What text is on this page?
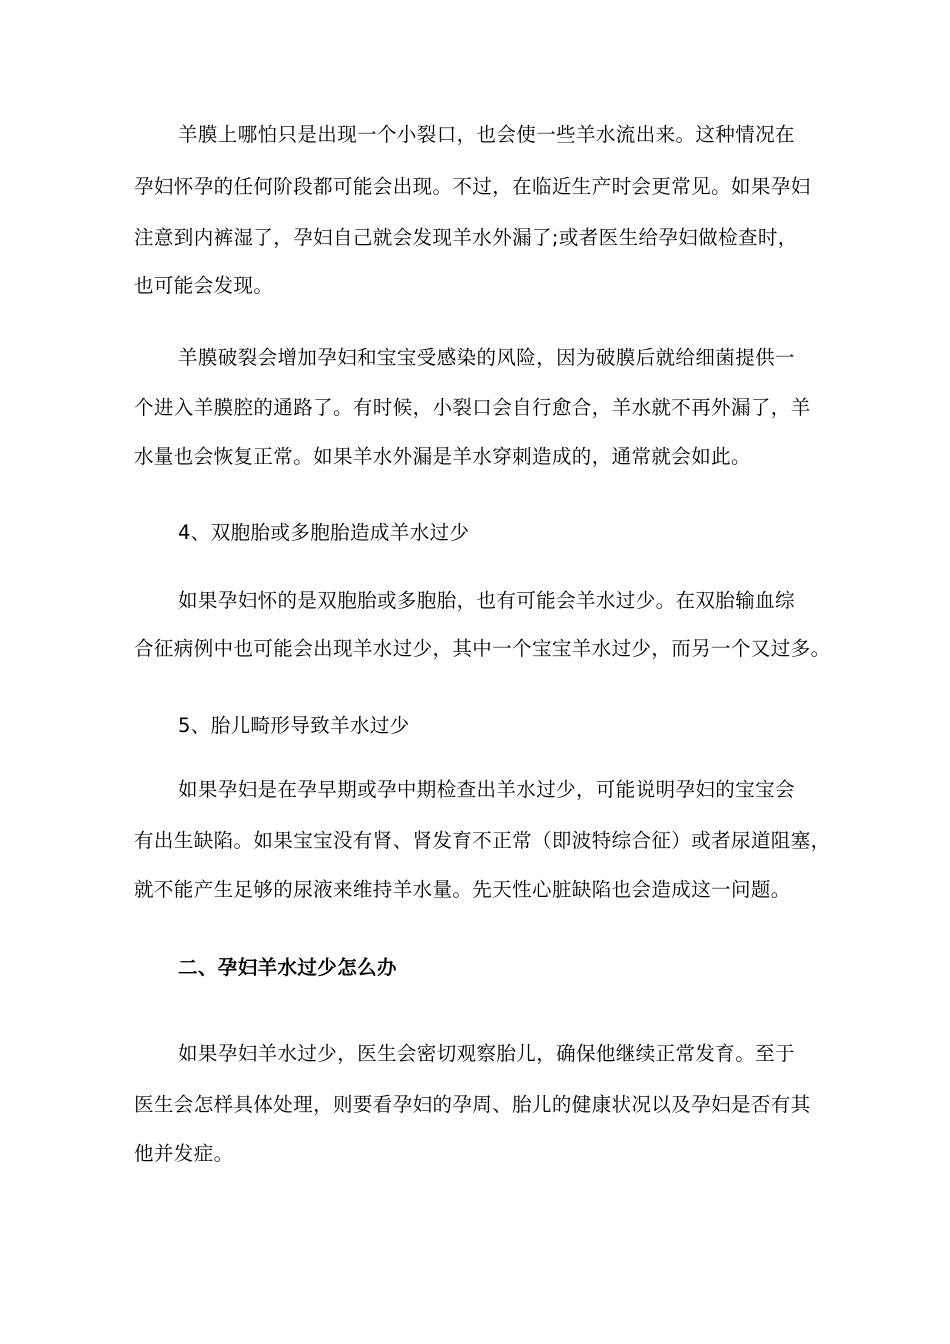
羊膜上哪怕只是出现一个小裂口，也会使一些羊水流出来。这种情况在
孕妇怀孕的任何阶段都可能会出现。不过，在临近生产时会更常见。如果孕妇
注意到内裤湿了，孕妇自己就会发现羊水外漏了;或者医生给孕妇做检查时，
也可能会发现。
羊膜破裂会增加孕妇和宝宝受感染的风险，因为破膜后就给细菌提供一
个进入羊膜腔的通路了。有时候，小裂口会自行愈合，羊水就不再外漏了，羊
水量也会恢复正常。如果羊水外漏是羊水穿刺造成的，通常就会如此。
4、双胞胎或多胞胎造成羊水过少
如果孕妇怀的是双胞胎或多胞胎，也有可能会羊水过少。在双胎输血综
合征病例中也可能会出现羊水过少，其中一个宝宝羊水过少，而另一个又过多。
5、胎儿畸形导致羊水过少
如果孕妇是在孕早期或孕中期检查出羊水过少，可能说明孕妇的宝宝会
有出生缺陷。如果宝宝没有肾、肾发育不正常（即波特综合征）或者尿道阻塞，
就不能产生足够的尿液来维持羊水量。先天性心脏缺陷也会造成这一问题。
二、孕妇羊水过少怎么办
如果孕妇羊水过少，医生会密切观察胎儿，确保他继续正常发育。至于
医生会怎样具体处理，则要看孕妇的孕周、胎儿的健康状况以及孕妇是否有其
他并发症。
